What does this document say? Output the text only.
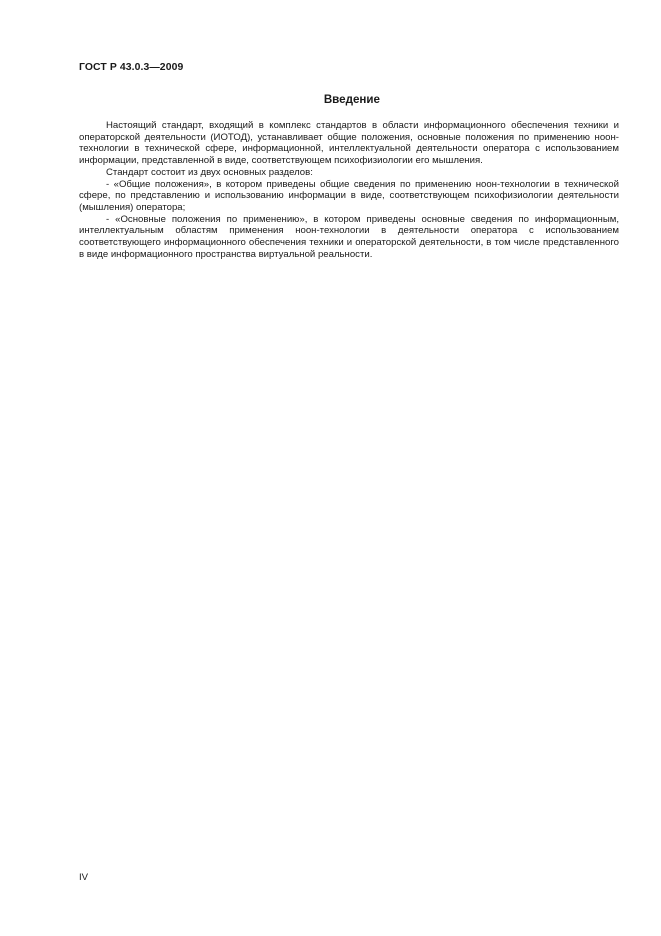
ГОСТ Р 43.0.3—2009
Введение

Настоящий стандарт, входящий в комплекс стандартов в области информационного обеспечения техники и операторской деятельности (ИОТОД), устанавливает общие положения, основные положения по применению ноон-технологии в технической сфере, информационной, интеллектуальной деятельности оператора с использованием информации, представленной в виде, соответствующем психофизиологии его мышления.

Стандарт состоит из двух основных разделов:

- «Общие положения», в котором приведены общие сведения по применению ноон-технологии в технической сфере, по представлению и использованию информации в виде, соответствующем психофизиологии деятельности (мышления) оператора;

- «Основные положения по применению», в котором приведены основные сведения по информационным, интеллектуальным областям применения ноон-технологии в деятельности оператора с использованием соответствующего информационного обеспечения техники и операторской деятельности, в том числе представленного в виде информационного пространства виртуальной реальности.

IV
